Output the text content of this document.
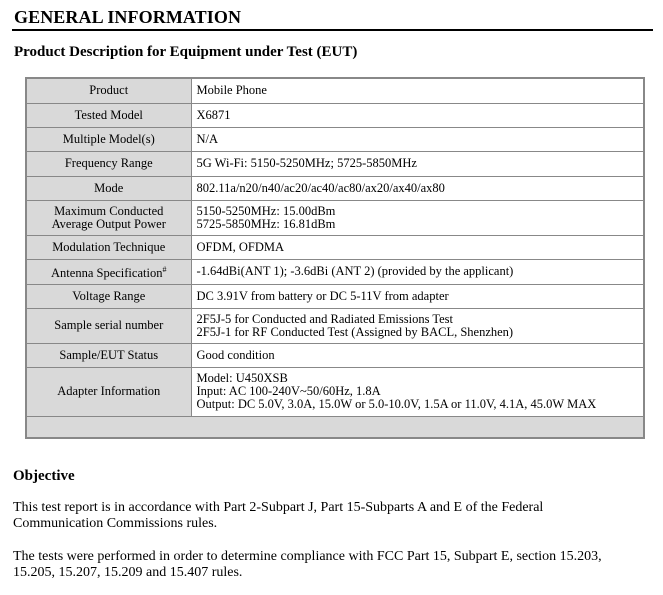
GENERAL INFORMATION
Product Description for Equipment under Test (EUT)
Product	Mobile Phone

Tested Model	X6871

Multiple Model(s)	N/A

Frequency Range	5G Wi-Fi: 5150-5250MHz; 5725-5850MHz

Mode	802.11a/n20/n40/ac20/ac40/ac80/ax20/ax40/ax80

Maximum Conducted
Average Output Power	5150-5250MHz: 15.00dBm
5725-5850MHz: 16.81dBm

Modulation Technique	OFDM, OFDMA

Antenna Specification#	-1.64dBi(ANT 1); -3.6dBi (ANT 2) (provided by the applicant)

Voltage Range	DC 3.91V from battery or DC 5-11V from adapter

Sample serial number	2F5J-5 for Conducted and Radiated Emissions Test
2F5J-1 for RF Conducted Test (Assigned by BACL, Shenzhen)

Sample/EUT Status	Good condition

Adapter Information	Model: U450XSB
Input: AC 100-240V~50/60Hz, 1.8A
Output: DC 5.0V, 3.0A, 15.0W or 5.0-10.0V, 1.5A or 11.0V, 4.1A, 45.0W MAX

Objective
This test report is in accordance with Part 2-Subpart J, Part 15-Subparts A and E of the Federal
Communication Commissions rules.
The tests were performed in order to determine compliance with FCC Part 15, Subpart E, section 15.203,
15.205, 15.207, 15.209 and 15.407 rules.
